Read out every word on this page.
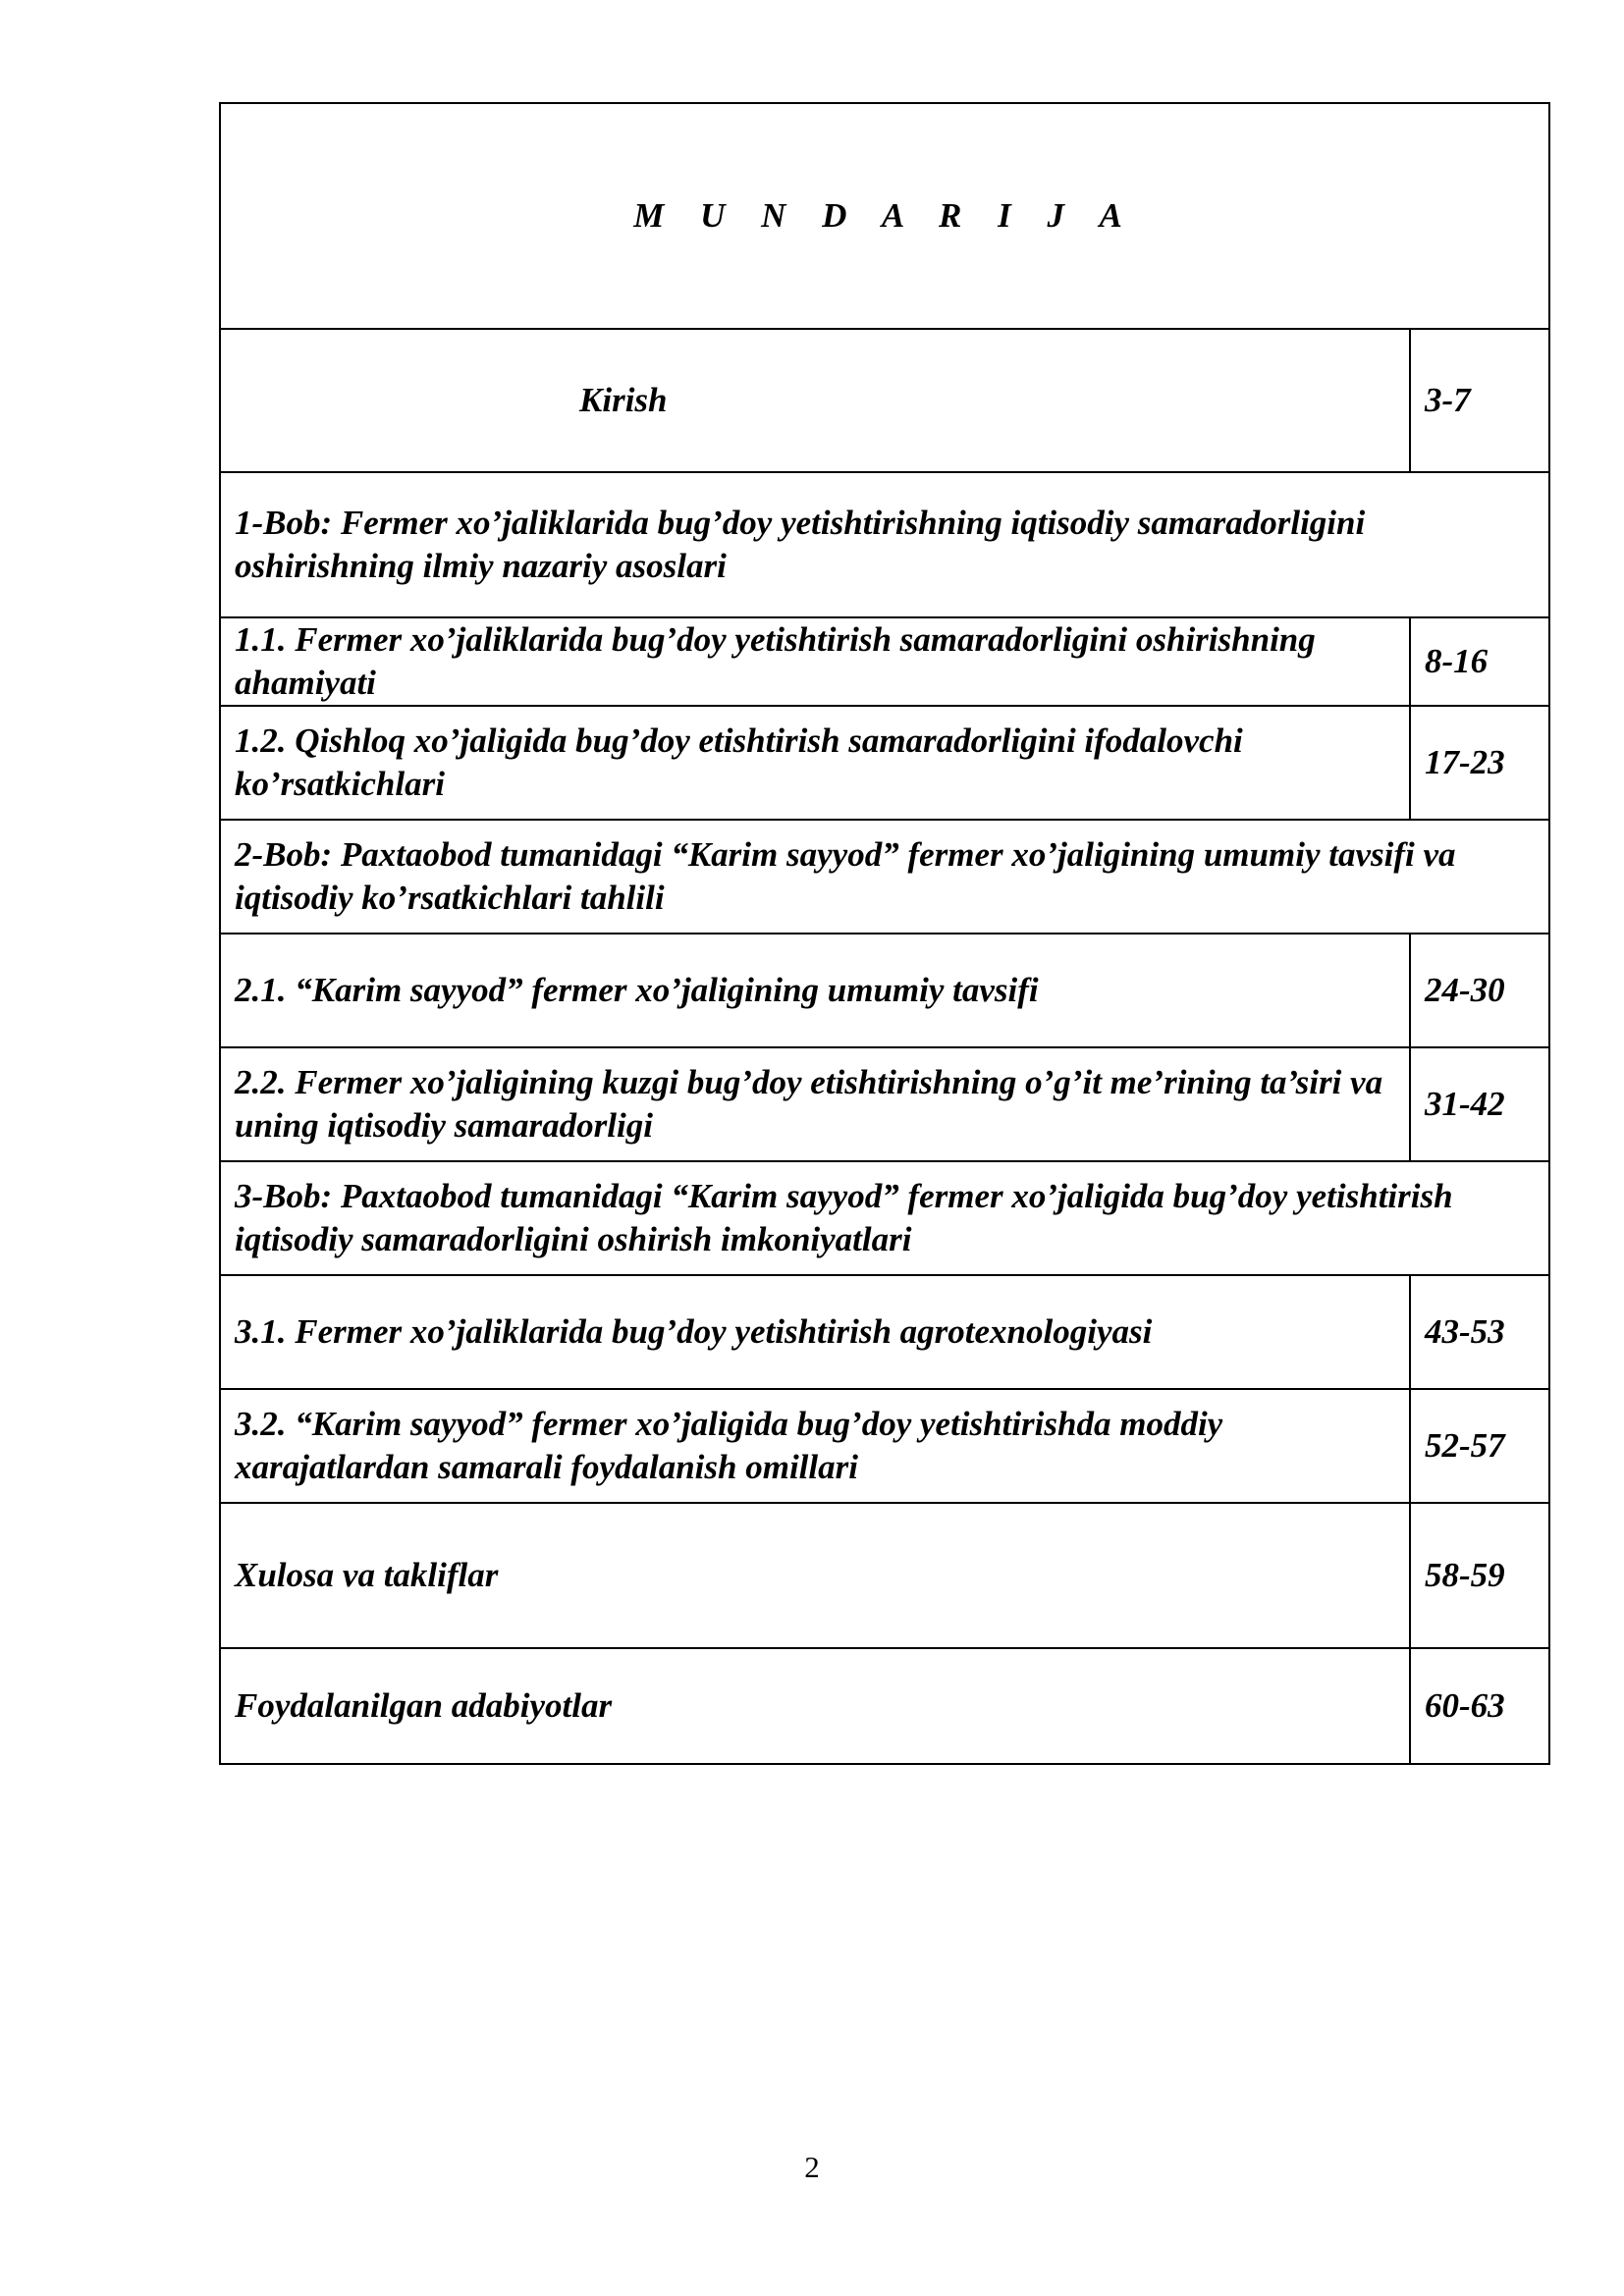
M U N D A R I J A	

Kirish	3-7
1-Bob: Fermer xo’jaliklarida bug’doy yetishtirishning iqtisodiy samaradorligini oshirishning ilmiy nazariy asoslari	
1.1. Fermer xo’jaliklarida bug’doy yetishtirish samaradorligini oshirishning ahamiyati	8-16
1.2. Qishloq xo’jaligida bug’doy etishtirish samaradorligini ifodalovchi ko’rsatkichlari	17-23
2-Bob: Paxtaobod tumanidagi “Karim sayyod” fermer xo’jaligining umumiy tavsifi va iqtisodiy ko’rsatkichlari tahlili	
2.1. “Karim sayyod” fermer xo’jaligining umumiy tavsifi	24-30
2.2. Fermer xo’jaligining kuzgi bug’doy etishtirishning o’g’it me’rining ta’siri va uning iqtisodiy samaradorligi	31-42
3-Bob: Paxtaobod tumanidagi “Karim sayyod” fermer xo’jaligida bug’doy yetishtirish iqtisodiy samaradorligini oshirish imkoniyatlari	
3.1. Fermer xo’jaliklarida bug’doy yetishtirish agrotexnologiyasi	43-53
3.2. “Karim sayyod” fermer xo’jaligida bug’doy yetishtirishda moddiy xarajatlardan samarali foydalanish omillari	52-57
Xulosa va takliflar	58-59
Foydalanilgan adabiyotlar	60-63
2
